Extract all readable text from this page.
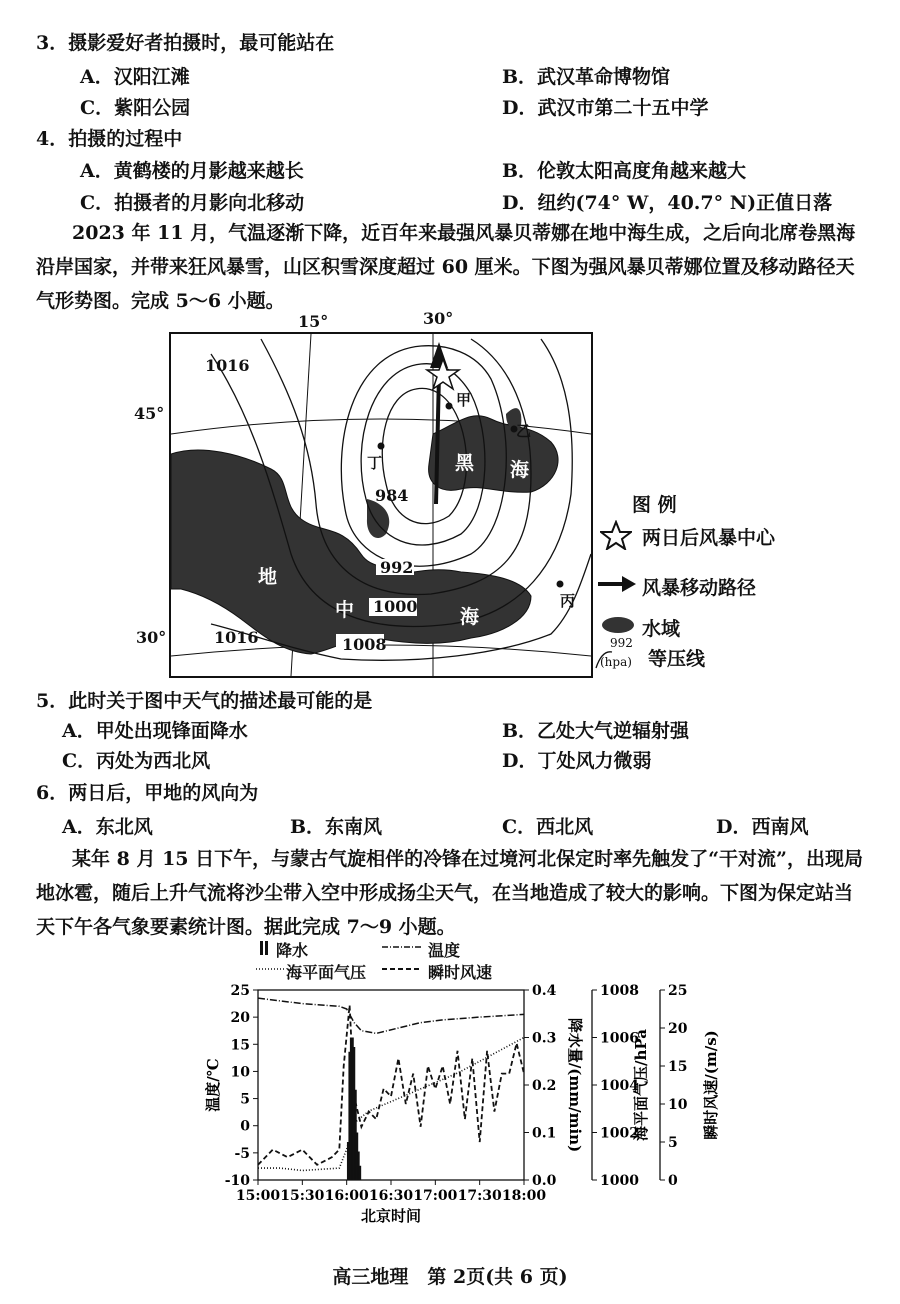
3．摄影爱好者拍摄时，最可能站在
A．汉阳江滩	B．武汉革命博物馆
C．紫阳公园	D．武汉市第二十五中学
4．拍摄的过程中
A．黄鹤楼的月影越来越长	B．伦敦太阳高度角越来越大
C．拍摄者的月影向北移动	D．纽约(74° W，40.7° N)正值日落
2023 年 11 月，气温逐渐下降，近百年来最强风暴贝蒂娜在地中海生成，之后向北席卷黑海沿岸国家，并带来狂风暴雪，山区积雪深度超过 60 厘米。下图为强风暴贝蒂娜位置及移动路径天气形势图。完成 5～6 小题。
15°	30°
45°
30°
1016
984
992
1000
1008
1016
甲
乙
丙
丁	黑 海
地
中	海
图 例
两日后风暴中心
风暴移动路径
水域
992
(hpa) 等压线
5．此时关于图中天气的描述最可能的是
A．甲处出现锋面降水	B．乙处大气逆辐射强
C．丙处为西北风	D．丁处风力微弱
6．两日后，甲地的风向为
A．东北风	B．东南风	C．西北风	D．西南风
某年 8 月 15 日下午，与蒙古气旋相伴的冷锋在过境河北保定时率先触发了“干对流”，出现局地冰雹，随后上升气流将沙尘带入空中形成扬尘天气，在当地造成了较大的影响。下图为保定站当天下午各气象要素统计图。据此完成 7～9 小题。
降水	温度
海平面气压	瞬时风速
15:00 15:30 16:00 16:30 17:00 17:30 18:00
25
20
15
10
5
0
-5
-10
0.4
0.3
0.2
0.1
0.0
1008
1006
1004
1002
1000
25
20
15
10
5
0
温度/℃	降水量/(mm/min)	海平面气压/hPa	瞬时风速/(m/s)
北京时间
高三地理　第 2页(共 6 页)
